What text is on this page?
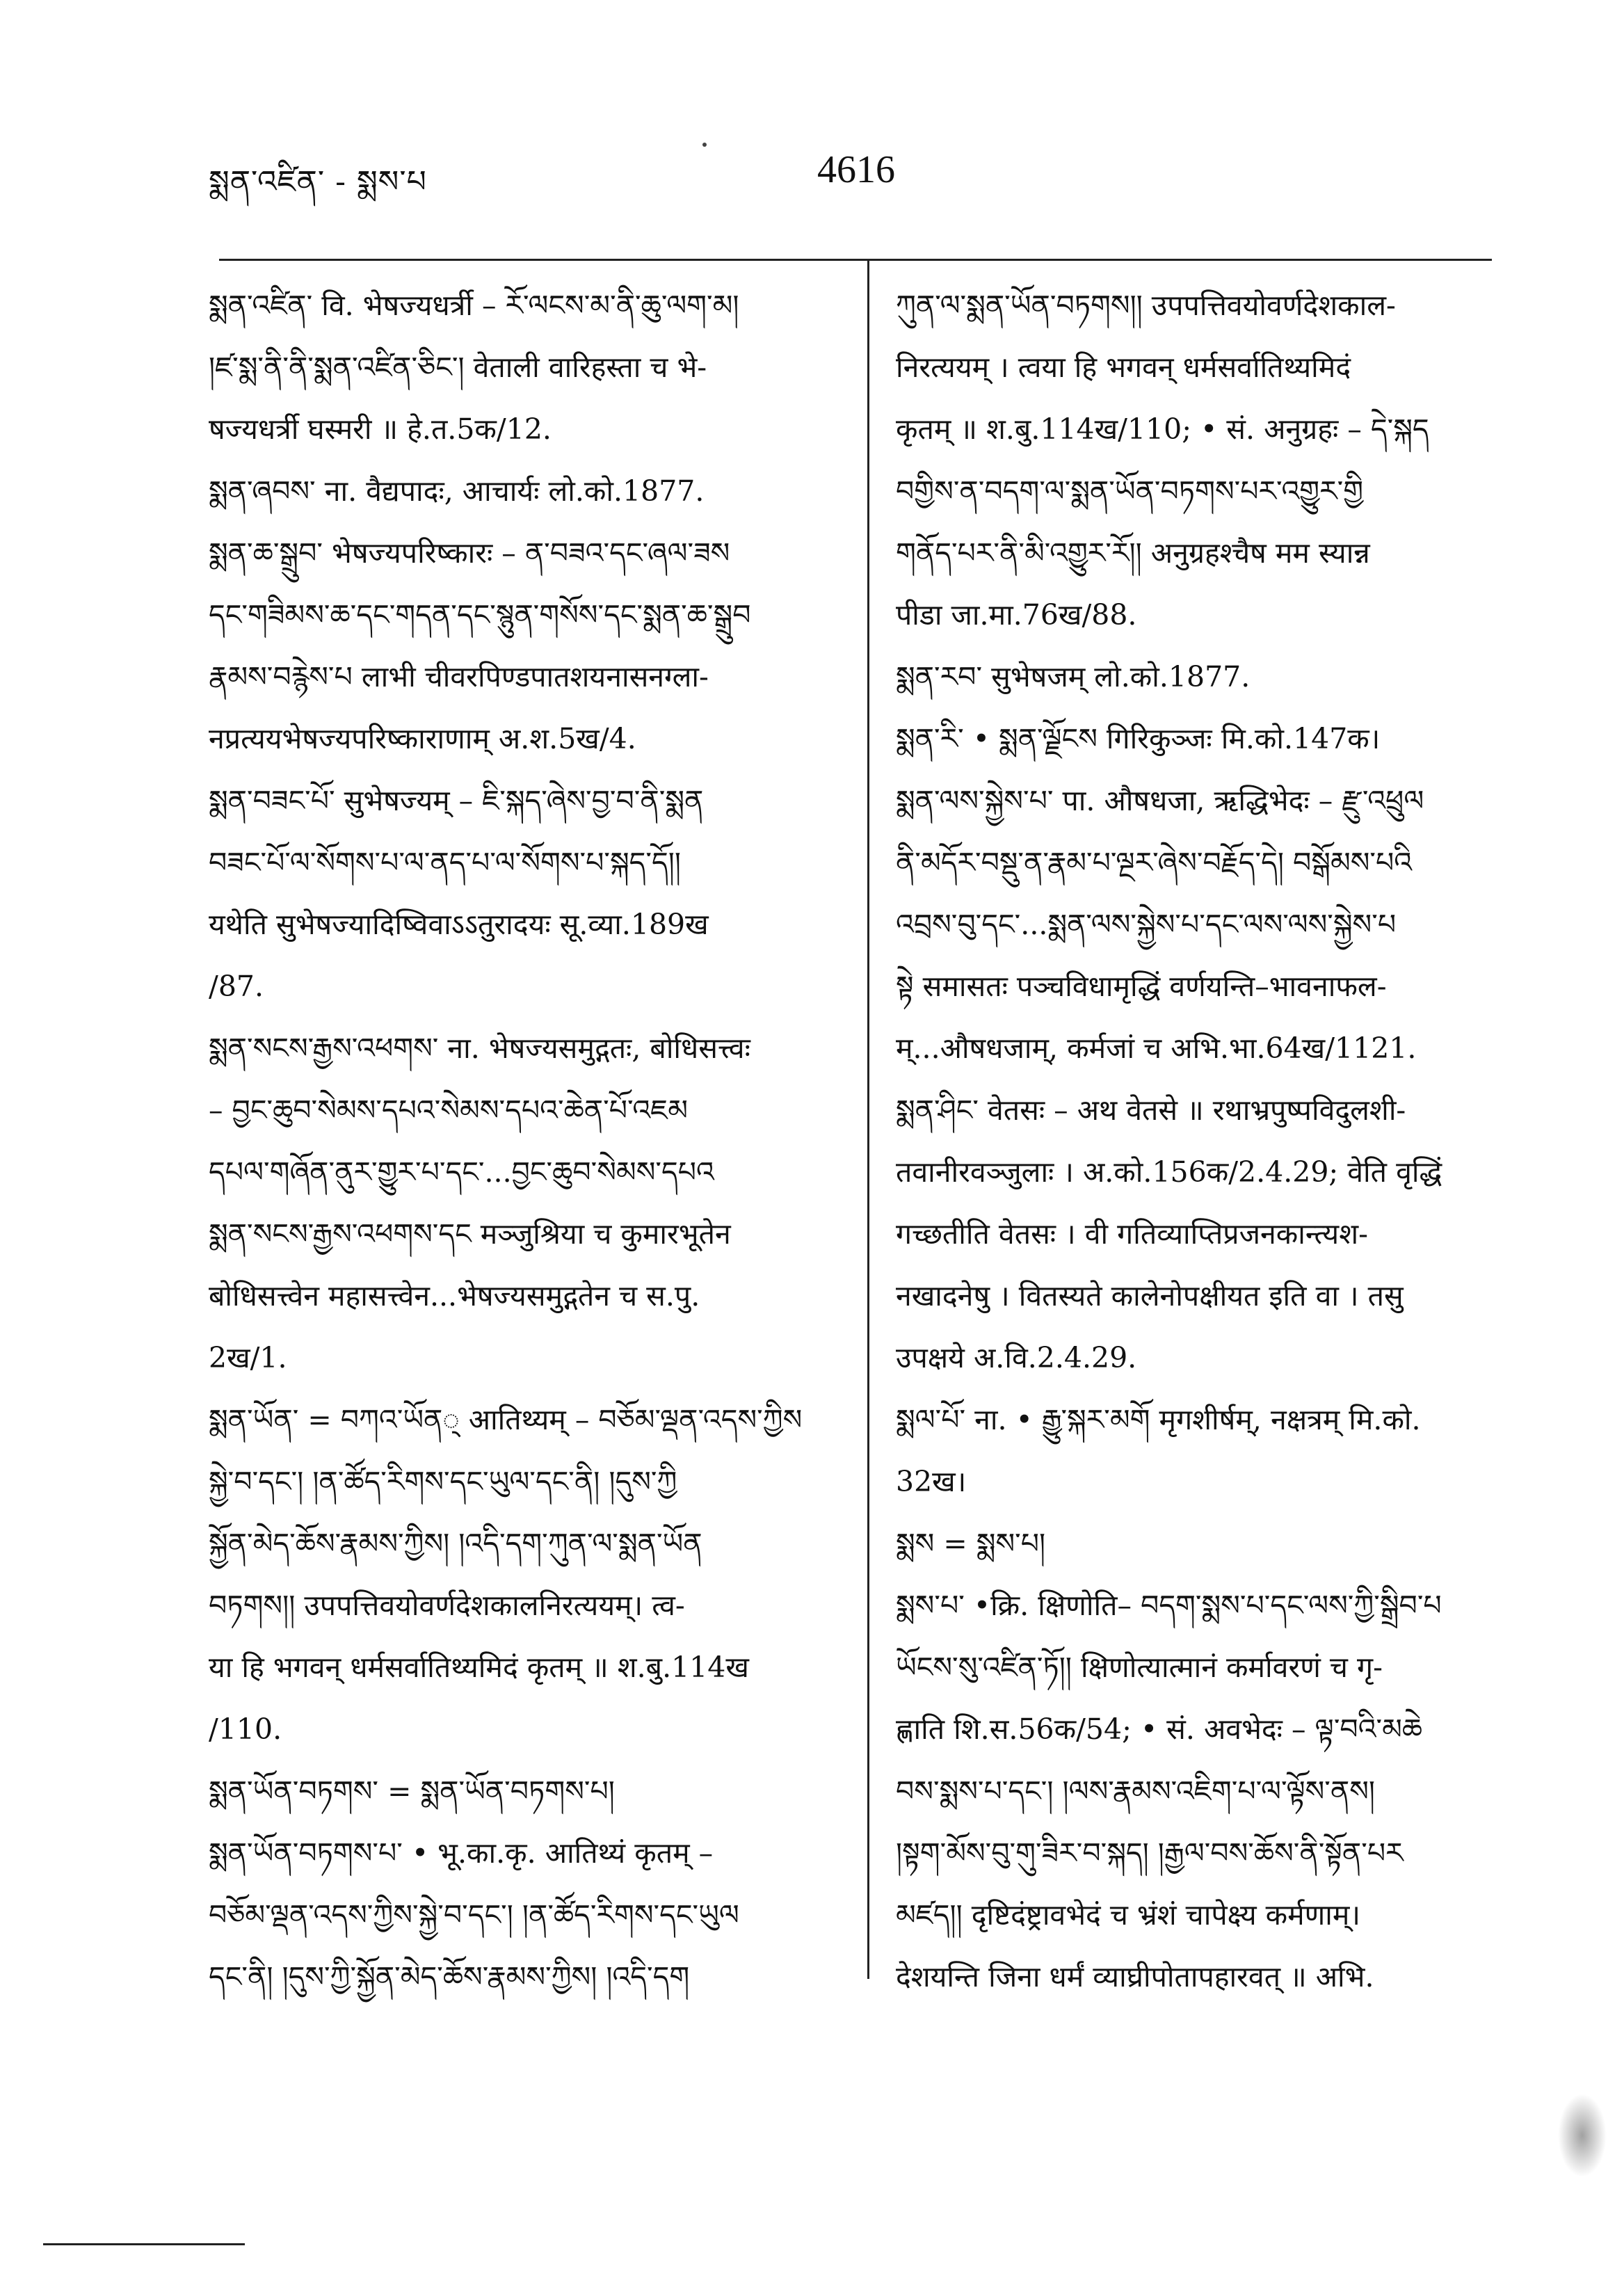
སྨན་འཛིན་ - སྨས་པ	4616
སྨན་འཛིན་ वि. भेषज्यधर्त्री – རོ་ལངས་མ་ནི་ཆུ་ལག་མ།
།ཛ་སྨ་ནི་ནི་སྨན་འཛིན་ཅིང་། वेताली वारिहस्ता च भे-
षज्यधर्त्री घस्मरी ॥ हे.त.5क/12.
སྨན་ཞབས་ ना. वैद्यपादः, आचार्यः लो.को.1877.
སྨན་ཆ་སྒྲུབ་ भेषज्यपरिष्कारः – ན་བཟའ་དང་ཞལ་ཟས
དང་གཟིམས་ཆ་དང་གདན་དང་སྙུན་གསོས་དང་སྨན་ཆ་སྒྲུབ
རྣམས་བརྙེས་པ लाभी चीवरपिण्डपातशयनासनग्ला-
नप्रत्ययभेषज्यपरिष्काराणाम् अ.श.5ख/4.
སྨན་བཟང་པོ་ सुभेषज्यम् – ཇི་སྐད་ཞེས་བྱ་བ་ནི་སྨན
བཟང་པོ་ལ་སོགས་པ་ལ་ནད་པ་ལ་སོགས་པ་སྐད་དོ།།
यथेति सुभेषज्यादिष्विवाऽऽतुरादयः सू.व्या.189ख
/87.
སྨན་སངས་རྒྱས་འཕགས་ ना. भेषज्यसमुद्गतः, बोधिसत्त्वः
– བྱང་ཆུབ་སེམས་དཔའ་སེམས་དཔའ་ཆེན་པོ་འཇམ
དཔལ་གཞོན་ནུར་གྱུར་པ་དང་...བྱང་ཆུབ་སེམས་དཔའ
སྨན་སངས་རྒྱས་འཕགས་དང मञ्जुश्रिया च कुमारभूतेन
बोधिसत्त्वेन महासत्त्वेन...भेषज्यसमुद्गतेन च स.पु.
2ख/1.
སྨན་ཡོན་ = བཀའ་ཡོན् आतिथ्यम् – བཅོམ་ལྡན་འདས་ཀྱིས
སྐྱེ་བ་དང་། །ན་ཚོད་རིགས་དང་ཡུལ་དང་ནི། །དུས་ཀྱི
སྐྱོན་མེད་ཆོས་རྣམས་ཀྱིས། །འདི་དག་ཀུན་ལ་སྨན་ཡོན
བཏགས།། उपपत्तिवयोवर्णदेशकालनिरत्ययम्। त्व-
या हि भगवन् धर्मसर्वातिथ्यमिदं कृतम् ॥ श.बु.114ख
/110.
སྨན་ཡོན་བཏགས་ = སྨན་ཡོན་བཏགས་པ།
སྨན་ཡོན་བཏགས་པ་ • भू.का.कृ. आतिथ्यं कृतम् –
བཅོམ་ལྡན་འདས་ཀྱིས་སྐྱེ་བ་དང་། །ན་ཚོད་རིགས་དང་ཡུལ
དང་ནི། །དུས་ཀྱི་སྐྱོན་མེད་ཆོས་རྣམས་ཀྱིས། །འདི་དག
ཀུན་ལ་སྨན་ཡོན་བཏགས།། उपपत्तिवयोवर्णदेशकाल-
निरत्ययम् । त्वया हि भगवन् धर्मसर्वातिथ्यमिदं
कृतम् ॥ श.बु.114ख/110; • सं. अनुग्रहः – དེ་སྐད
བགྱིས་ན་བདག་ལ་སྨན་ཡོན་བཏགས་པར་འགྱུར་གྱི
གནོད་པར་ནི་མི་འགྱུར་རོ།། अनुग्रहश्चैष मम स्यान्न
पीडा जा.मा.76ख/88.
སྨན་རབ་ सुभेषजम् लो.को.1877.
སྨན་རི་ • སྨན་ལྗོངས गिरिकुञ्जः मि.को.147क।
སྨན་ལས་སྐྱེས་པ་ पा. औषधजा, ऋद्धिभेदः – རྫུ་འཕྲུལ
ནི་མདོར་བསྡུ་ན་རྣམ་པ་ལྔར་ཞེས་བརྗོད་དེ། བསྒོམས་པའི
འབྲས་བུ་དང་...སྨན་ལས་སྐྱེས་པ་དང་ལས་ལས་སྐྱེས་པ
སྟེ समासतः पञ्चविधामृद्धिं वर्णयन्ति–भावनाफल-
म्...औषधजाम्, कर्मजां च अभि.भा.64ख/1121.
སྨན་ཤིང་ वेतसः – अथ वेतसे ॥ रथाभ्रपुष्पविदुलशी-
तवानीरवञ्जुलाः । अ.को.156क/2.4.29; वेति वृद्धिं
गच्छतीति वेतसः । वी गतिव्याप्तिप्रजनकान्त्यश-
नखादनेषु । वितस्यते कालेनोपक्षीयत इति वा । तसु
उपक्षये अ.वि.2.4.29.
སྨལ་པོ་ ना. • རྒྱུ་སྐར་མགོ मृगशीर्षम्, नक्षत्रम् मि.को.
32ख।
སྨས = སྨས་པ།
སྨས་པ་ •क्रि. क्षिणोति– བདག་སྨས་པ་དང་ལས་ཀྱི་སྒྲིབ་པ
ཡོངས་སུ་འཛིན་ཏོ།། क्षिणोत्यात्मानं कर्मावरणं च गृ-
ह्णाति शि.स.56क/54; • सं. अवभेदः – ལྟ་བའི་མཆེ
བས་སྨས་པ་དང་། །ལས་རྣམས་འཇིག་པ་ལ་ལྟོས་ནས།
།སྟག་མོས་བུ་གུ་ཟིར་བ་སྐད། །རྒྱལ་བས་ཆོས་ནི་སྟོན་པར
མཛད།། दृष्टिदंष्ट्रावभेदं च भ्रंशं चापेक्ष्य कर्मणाम्।
देशयन्ति जिना धर्मं व्याघ्रीपोतापहारवत् ॥ अभि.
